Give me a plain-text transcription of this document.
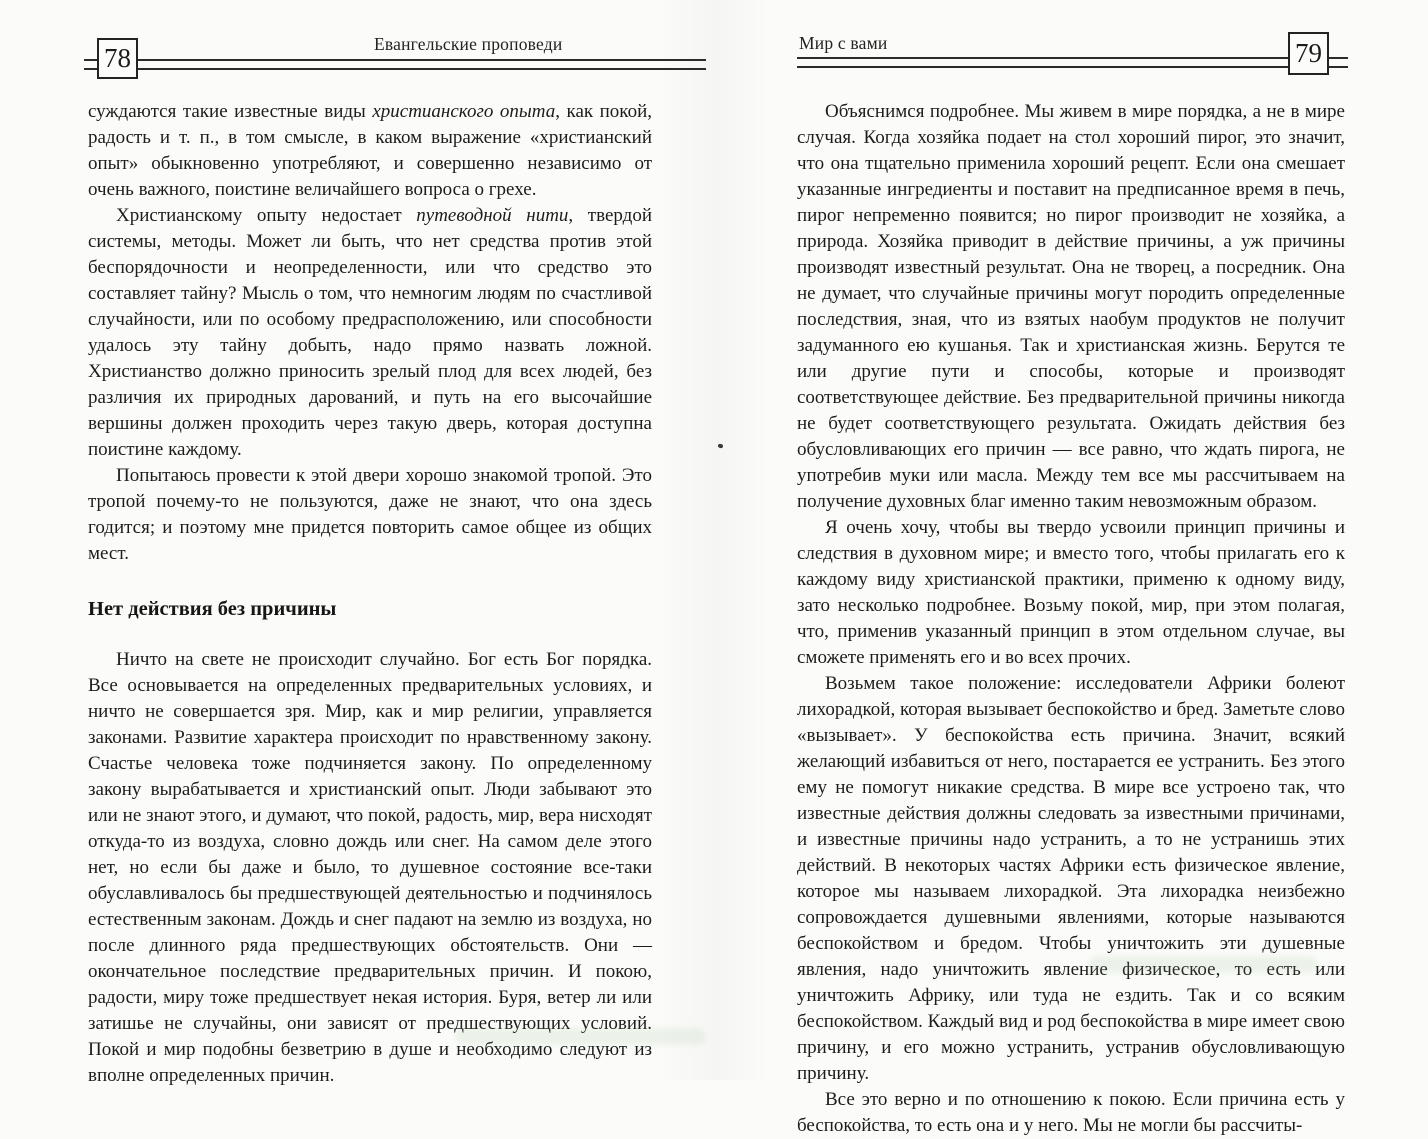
78	Евангельские проповеди	Мир с вами	79

суждаются такие известные виды христианского опыта, как покой, радость и т. п., в том смысле, в каком выражение «христианский опыт» обыкновенно употребляют, и совершенно независимо от очень важного, поистине величайшего вопроса о грехе.

Христианскому опыту недостает путеводной нити, твердой системы, методы. Может ли быть, что нет средства против этой беспорядочности и неопределенности, или что средство это составляет тайну? Мысль о том, что немногим людям по счастливой случайности, или по особому предрасположению, или способности удалось эту тайну добыть, надо прямо назвать ложной. Христианство должно приносить зрелый плод для всех людей, без различия их природных дарований, и путь на его высочайшие вершины должен проходить через такую дверь, которая доступна поистине каждому.

Попытаюсь провести к этой двери хорошо знакомой тропой. Это тропой почему-то не пользуются, даже не знают, что она здесь годится; и поэтому мне придется повторить самое общее из общих мест.

Нет действия без причины

Ничто на свете не происходит случайно. Бог есть Бог порядка. Все основывается на определенных предварительных условиях, и ничто не совершается зря. Мир, как и мир религии, управляется законами. Развитие характера происходит по нравственному закону. Счастье человека тоже подчиняется закону. По определенному закону вырабатывается и христианский опыт. Люди забывают это или не знают этого, и думают, что покой, радость, мир, вера нисходят откуда-то из воздуха, словно дождь или снег. На самом деле этого нет, но если бы даже и было, то душевное состояние все-таки обуславливалось бы предшествующей деятельностью и подчинялось естественным законам. Дождь и снег падают на землю из воздуха, но после длинного ряда предшествующих обстоятельств. Они — окончательное последствие предварительных причин. И покою, радости, миру тоже предшествует некая история. Буря, ветер ли или затишье не случайны, они зависят от предшествующих условий. Покой и мир подобны безветрию в душе и необходимо следуют из вполне определенных причин.

Объяснимся подробнее. Мы живем в мире порядка, а не в мире случая. Когда хозяйка подает на стол хороший пирог, это значит, что она тщательно применила хороший рецепт. Если она смешает указанные ингредиенты и поставит на предписанное время в печь, пирог непременно появится; но пирог производит не хозяйка, а природа. Хозяйка приводит в действие причины, а уж причины производят известный результат. Она не творец, а посредник. Она не думает, что случайные причины могут породить определенные последствия, зная, что из взятых наобум продуктов не получит задуманного ею кушанья. Так и христианская жизнь. Берутся те или другие пути и способы, которые и производят соответствующее действие. Без предварительной причины никогда не будет соответствующего результата. Ожидать действия без обусловливающих его причин — все равно, что ждать пирога, не употребив муки или масла. Между тем все мы рассчитываем на получение духовных благ именно таким невозможным образом.

Я очень хочу, чтобы вы твердо усвоили принцип причины и следствия в духовном мире; и вместо того, чтобы прилагать его к каждому виду христианской практики, применю к одному виду, зато несколько подробнее. Возьму покой, мир, при этом полагая, что, применив указанный принцип в этом отдельном случае, вы сможете применять его и во всех прочих.

Возьмем такое положение: исследователи Африки болеют лихорадкой, которая вызывает беспокойство и бред. Заметьте слово «вызывает». У беспокойства есть причина. Значит, всякий желающий избавиться от него, постарается ее устранить. Без этого ему не помогут никакие средства. В мире все устроено так, что известные действия должны следовать за известными причинами, и известные причины надо устранить, а то не устранишь этих действий. В некоторых частях Африки есть физическое явление, которое мы называем лихорадкой. Эта лихорадка неизбежно сопровождается душевными явлениями, которые называются беспокойством и бредом. Чтобы уничтожить эти душевные явления, надо уничтожить явление физическое, то есть или уничтожить Африку, или туда не ездить. Так и со всяким беспокойством. Каждый вид и род беспокойства в мире имеет свою причину, и его можно устранить, устранив обусловливающую причину.

Все это верно и по отношению к покою. Если причина есть у беспокойства, то есть она и у него. Мы не могли бы рассчиты-
